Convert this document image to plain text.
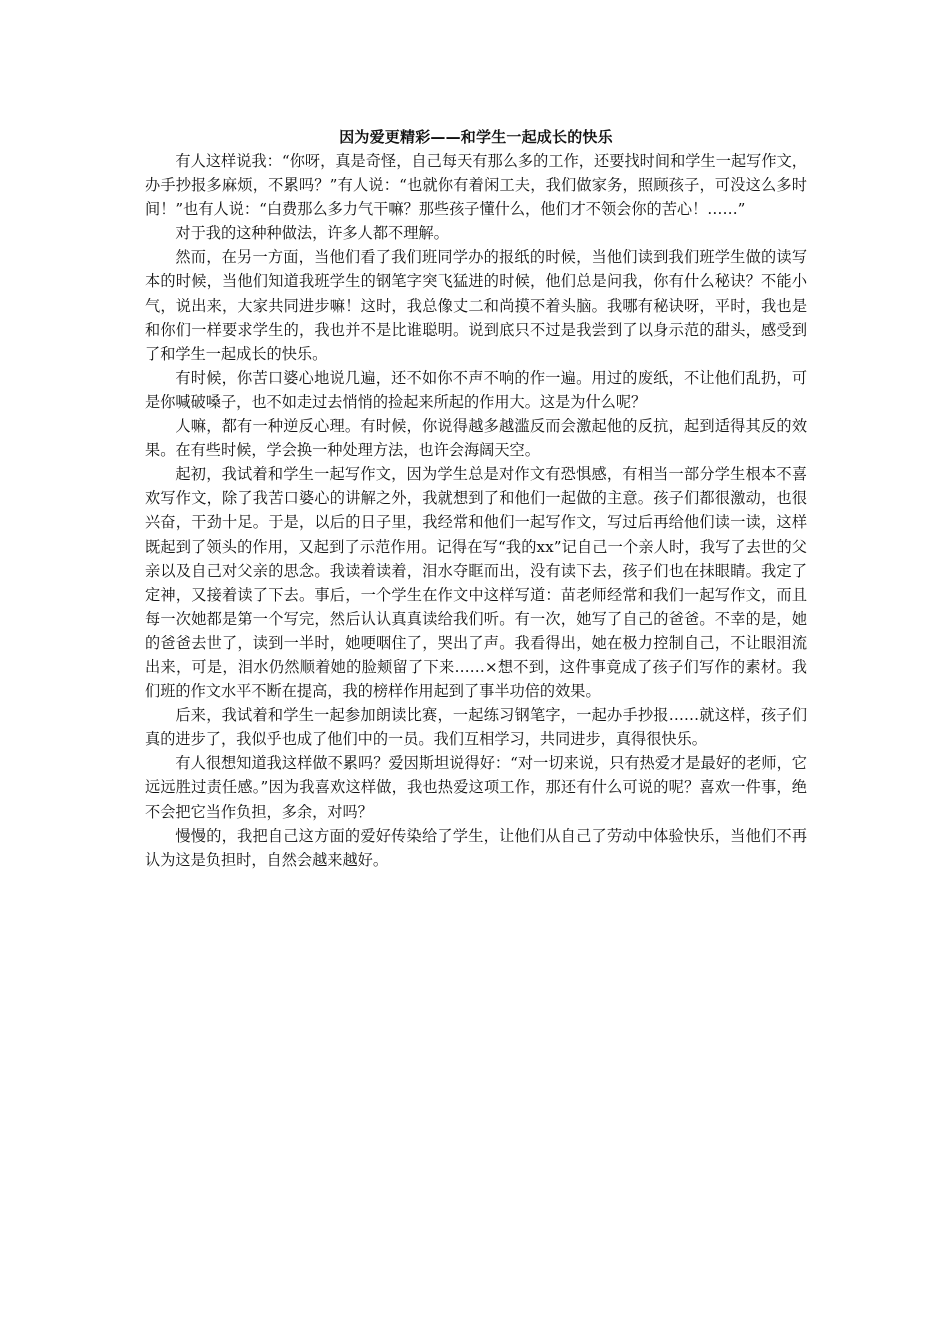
因为爱更精彩——和学生一起成长的快乐

有人这样说我：“你呀，真是奇怪，自己每天有那么多的工作，还要找时间和学生一起写作文，办手抄报多麻烦，不累吗？”有人说：“也就你有着闲工夫，我们做家务，照顾孩子，可没这么多时间！”也有人说：“白费那么多力气干嘛？那些孩子懂什么，他们才不领会你的苦心！……”

对于我的这种种做法，许多人都不理解。

然而，在另一方面，当他们看了我们班同学办的报纸的时候，当他们读到我们班学生做的读写本的时候，当他们知道我班学生的钢笔字突飞猛进的时候，他们总是问我，你有什么秘诀？不能小气，说出来，大家共同进步嘛！这时，我总像丈二和尚摸不着头脑。我哪有秘诀呀，平时，我也是和你们一样要求学生的，我也并不是比谁聪明。说到底只不过是我尝到了以身示范的甜头，感受到了和学生一起成长的快乐。

有时候，你苦口婆心地说几遍，还不如你不声不响的作一遍。用过的废纸，不让他们乱扔，可是你喊破嗓子，也不如走过去悄悄的捡起来所起的作用大。这是为什么呢？

人嘛，都有一种逆反心理。有时候，你说得越多越滥反而会激起他的反抗，起到适得其反的效果。在有些时候，学会换一种处理方法，也许会海阔天空。

起初，我试着和学生一起写作文，因为学生总是对作文有恐惧感，有相当一部分学生根本不喜欢写作文，除了我苦口婆心的讲解之外，我就想到了和他们一起做的主意。孩子们都很激动，也很兴奋，干劲十足。于是，以后的日子里，我经常和他们一起写作文，写过后再给他们读一读，这样既起到了领头的作用，又起到了示范作用。记得在写“我的xx”记自己一个亲人时，我写了去世的父亲以及自己对父亲的思念。我读着读着，泪水夺眶而出，没有读下去，孩子们也在抹眼睛。我定了定神，又接着读了下去。事后，一个学生在作文中这样写道：苗老师经常和我们一起写作文，而且每一次她都是第一个写完，然后认认真真读给我们听。有一次，她写了自己的爸爸。不幸的是，她的爸爸去世了，读到一半时，她哽咽住了，哭出了声。我看得出，她在极力控制自己，不让眼泪流出来，可是，泪水仍然顺着她的脸颊留了下来……×想不到，这件事竟成了孩子们写作的素材。我们班的作文水平不断在提高，我的榜样作用起到了事半功倍的效果。

后来，我试着和学生一起参加朗读比赛，一起练习钢笔字，一起办手抄报……就这样，孩子们真的进步了，我似乎也成了他们中的一员。我们互相学习，共同进步，真得很快乐。

有人很想知道我这样做不累吗？爱因斯坦说得好：“对一切来说，只有热爱才是最好的老师，它远远胜过责任感。”因为我喜欢这样做，我也热爱这项工作，那还有什么可说的呢？喜欢一件事，绝不会把它当作负担，多余，对吗？

慢慢的，我把自己这方面的爱好传染给了学生，让他们从自己了劳动中体验快乐，当他们不再认为这是负担时，自然会越来越好。
